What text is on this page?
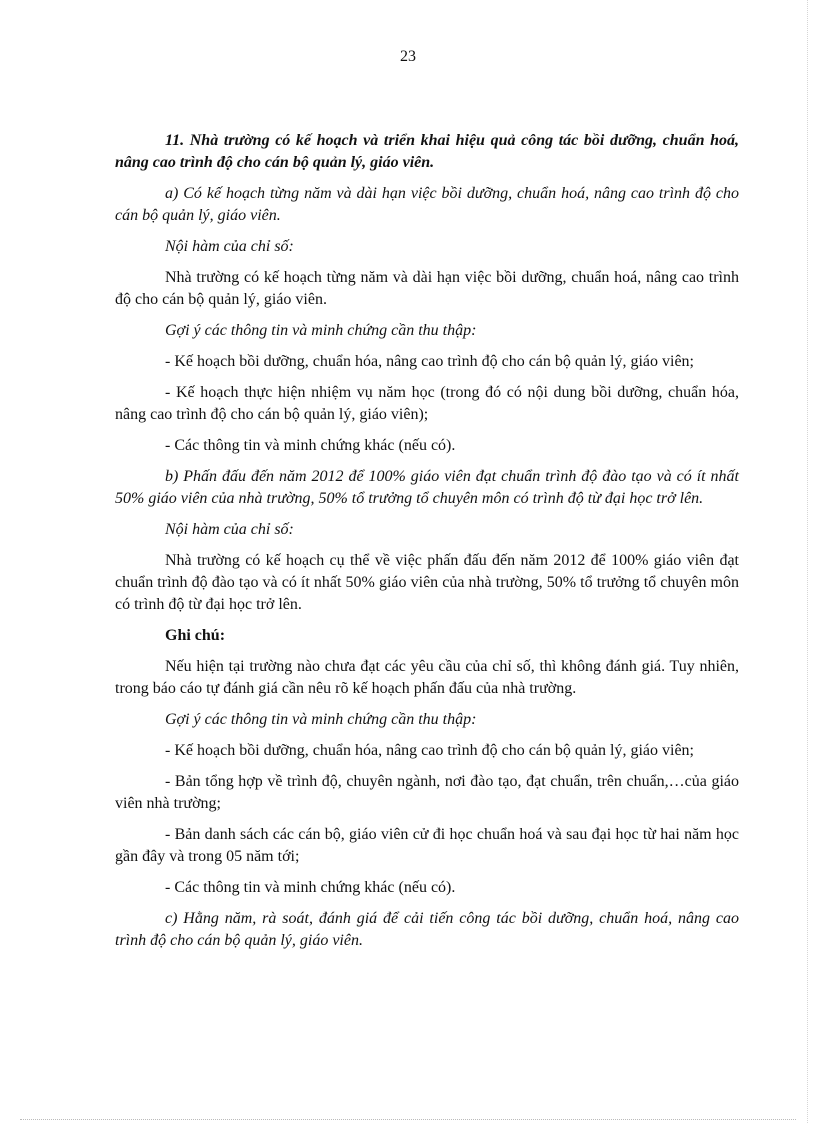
23

11. Nhà trường có kế hoạch và triển khai hiệu quả công tác bồi dưỡng, chuẩn hoá, nâng cao trình độ cho cán bộ quản lý, giáo viên.

a) Có kế hoạch từng năm và dài hạn việc bồi dưỡng, chuẩn hoá, nâng cao trình độ cho cán bộ quản lý, giáo viên.

Nội hàm của chỉ số:

Nhà trường có kế hoạch từng năm và dài hạn việc bồi dưỡng, chuẩn hoá, nâng cao trình độ cho cán bộ quản lý, giáo viên.

Gợi ý các thông tin và minh chứng cần thu thập:

- Kế hoạch bồi dưỡng, chuẩn hóa, nâng cao trình độ cho cán bộ quản lý, giáo viên;

- Kế hoạch thực hiện nhiệm vụ năm học (trong đó có nội dung bồi dưỡng, chuẩn hóa, nâng cao trình độ cho cán bộ quản lý, giáo viên);

- Các thông tin và minh chứng khác (nếu có).

b) Phấn đấu đến năm 2012 để 100% giáo viên đạt chuẩn trình độ đào tạo và có ít nhất 50% giáo viên của nhà trường, 50% tổ trưởng tổ chuyên môn có trình độ từ đại học trở lên.

Nội hàm của chỉ số:

Nhà trường có kế hoạch cụ thể về việc phấn đấu đến năm 2012 để 100% giáo viên đạt chuẩn trình độ đào tạo và có ít nhất 50% giáo viên của nhà trường, 50% tổ trưởng tổ chuyên môn có trình độ từ đại học trở lên.

Ghi chú:

Nếu hiện tại trường nào chưa đạt các yêu cầu của chỉ số, thì không đánh giá. Tuy nhiên, trong báo cáo tự đánh giá cần nêu rõ kế hoạch phấn đấu của nhà trường.

Gợi ý các thông tin và minh chứng cần thu thập:

- Kế hoạch bồi dưỡng, chuẩn hóa, nâng cao trình độ cho cán bộ quản lý, giáo viên;

- Bản tổng hợp về trình độ, chuyên ngành, nơi đào tạo, đạt chuẩn, trên chuẩn,…của giáo viên nhà trường;

- Bản danh sách các cán bộ, giáo viên cử đi học chuẩn hoá và sau đại học từ hai năm học gần đây và trong 05 năm tới;

- Các thông tin và minh chứng khác (nếu có).

c) Hằng năm, rà soát, đánh giá để cải tiến công tác bồi dưỡng, chuẩn hoá, nâng cao trình độ cho cán bộ quản lý, giáo viên.
